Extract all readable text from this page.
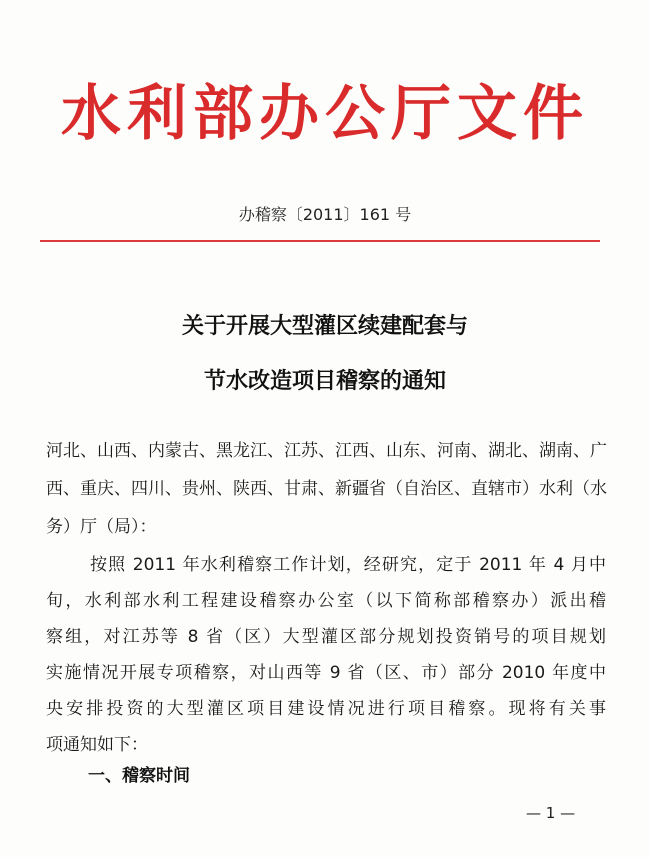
水利部办公厅文件
办稽察〔2011〕161 号
关于开展大型灌区续建配套与
节水改造项目稽察的通知
河北、山西、内蒙古、黑龙江、江苏、江西、山东、河南、湖北、湖南、广
西、重庆、四川、贵州、陕西、甘肃、新疆省（自治区、直辖市）水利（水
务）厅（局）：
按照 2011 年水利稽察工作计划，经研究，定于 2011 年 4 月中
旬，水利部水利工程建设稽察办公室（以下简称部稽察办）派出稽
察组，对江苏等 8 省（区）大型灌区部分规划投资销号的项目规划
实施情况开展专项稽察，对山西等 9 省（区、市）部分 2010 年度中
央安排投资的大型灌区项目建设情况进行项目稽察。现将有关事
项通知如下：
一、稽察时间
— 1 —
